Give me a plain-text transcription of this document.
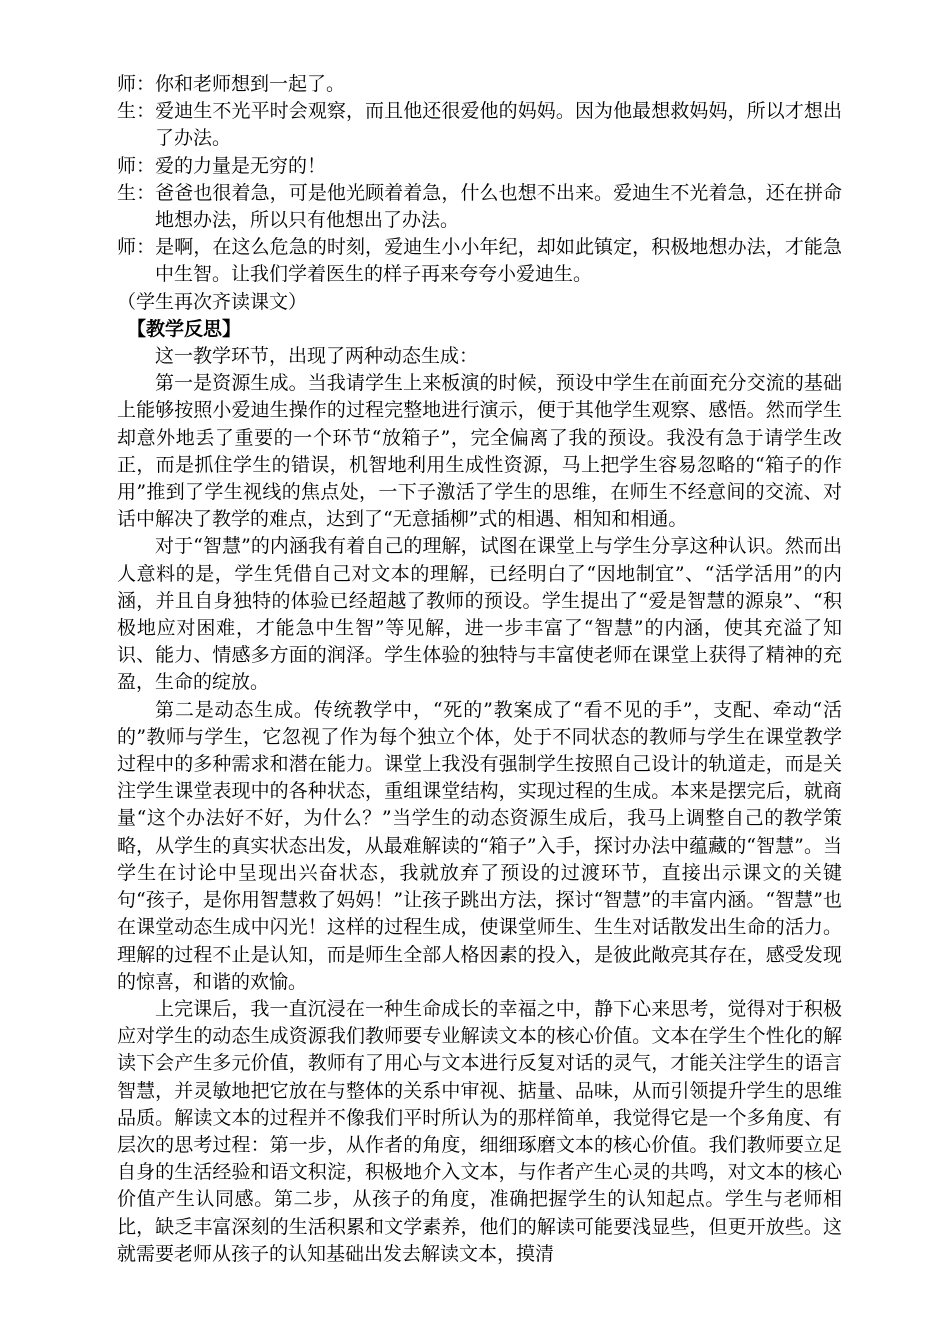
师：你和老师想到一起了。

生：爱迪生不光平时会观察，而且他还很爱他的妈妈。因为他最想救妈妈，所以才想出了办法。

师：爱的力量是无穷的！

生：爸爸也很着急，可是他光顾着着急，什么也想不出来。爱迪生不光着急，还在拼命地想办法，所以只有他想出了办法。

师：是啊，在这么危急的时刻，爱迪生小小年纪，却如此镇定，积极地想办法，才能急中生智。让我们学着医生的样子再来夸夸小爱迪生。

（学生再次齐读课文）

【教学反思】

这一教学环节，出现了两种动态生成：

第一是资源生成。当我请学生上来板演的时候，预设中学生在前面充分交流的基础上能够按照小爱迪生操作的过程完整地进行演示，便于其他学生观察、感悟。然而学生却意外地丢了重要的一个环节“放箱子”，完全偏离了我的预设。我没有急于请学生改正，而是抓住学生的错误，机智地利用生成性资源，马上把学生容易忽略的“箱子的作用”推到了学生视线的焦点处，一下子激活了学生的思维，在师生不经意间的交流、对话中解决了教学的难点，达到了“无意插柳”式的相遇、相知和相通。

对于“智慧”的内涵我有着自己的理解，试图在课堂上与学生分享这种认识。然而出人意料的是，学生凭借自己对文本的理解，已经明白了“因地制宜”、“活学活用”的内涵，并且自身独特的体验已经超越了教师的预设。学生提出了“爱是智慧的源泉”、“积极地应对困难，才能急中生智”等见解，进一步丰富了“智慧”的内涵，使其充溢了知识、能力、情感多方面的润泽。学生体验的独特与丰富使老师在课堂上获得了精神的充盈，生命的绽放。

第二是动态生成。传统教学中，“死的”教案成了“看不见的手”，支配、牵动“活的”教师与学生，它忽视了作为每个独立个体，处于不同状态的教师与学生在课堂教学过程中的多种需求和潜在能力。课堂上我没有强制学生按照自己设计的轨道走，而是关注学生课堂表现中的各种状态，重组课堂结构，实现过程的生成。本来是摆完后，就商量“这个办法好不好，为什么？”当学生的动态资源生成后，我马上调整自己的教学策略，从学生的真实状态出发，从最难解读的“箱子”入手，探讨办法中蕴藏的“智慧”。当学生在讨论中呈现出兴奋状态，我就放弃了预设的过渡环节，直接出示课文的关键句“孩子，是你用智慧救了妈妈！”让孩子跳出方法，探讨“智慧”的丰富内涵。“智慧”也在课堂动态生成中闪光！这样的过程生成，使课堂师生、生生对话散发出生命的活力。理解的过程不止是认知，而是师生全部人格因素的投入，是彼此敞亮其存在，感受发现的惊喜，和谐的欢愉。

上完课后，我一直沉浸在一种生命成长的幸福之中，静下心来思考，觉得对于积极应对学生的动态生成资源我们教师要专业解读文本的核心价值。文本在学生个性化的解读下会产生多元价值，教师有了用心与文本进行反复对话的灵气，才能关注学生的语言智慧，并灵敏地把它放在与整体的关系中审视、掂量、品味，从而引领提升学生的思维品质。解读文本的过程并不像我们平时所认为的那样简单，我觉得它是一个多角度、有层次的思考过程：第一步，从作者的角度，细细琢磨文本的核心价值。我们教师要立足自身的生活经验和语文积淀，积极地介入文本，与作者产生心灵的共鸣，对文本的核心价值产生认同感。第二步，从孩子的角度，准确把握学生的认知起点。学生与老师相比，缺乏丰富深刻的生活积累和文学素养，他们的解读可能要浅显些，但更开放些。这就需要老师从孩子的认知基础出发去解读文本，摸清
